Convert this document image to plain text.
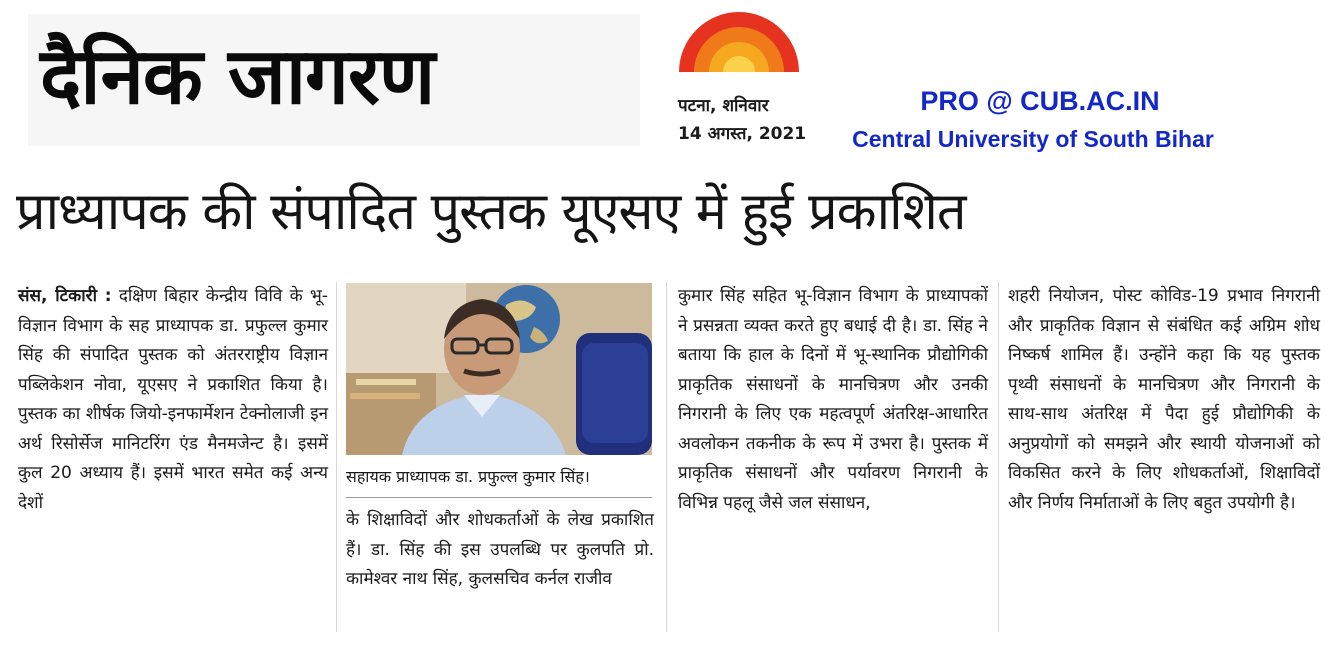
दैनिक जागरण	पटना, शनिवार
14 अगस्त, 2021
PRO @ CUB.AC.IN
Central University of South Bihar
प्राध्यापक की संपादित पुस्तक यूएसए में हुई प्रकाशित
संस, टिकारी : दक्षिण बिहार केन्द्रीय विवि के भू-विज्ञान विभाग के सह प्राध्यापक डा. प्रफुल्ल कुमार सिंह की संपादित पुस्तक को अंतरराष्ट्रीय विज्ञान पब्लिकेशन नोवा, यूएसए ने प्रकाशित किया है। पुस्तक का शीर्षक जियो-इनफार्मेशन टेक्नोलाजी इन अर्थ रिसोर्सेज मानिटरिंग एंड मैनमजेन्ट है। इसमें कुल 20 अध्याय हैं। इसमें भारत समेत कई अन्य देशों
सहायक प्राध्यापक डा. प्रफुल्ल कुमार सिंह।
के शिक्षाविदों और शोधकर्ताओं के लेख प्रकाशित हैं। डा. सिंह की इस उपलब्धि पर कुलपति प्रो. कामेश्वर नाथ सिंह, कुलसचिव कर्नल राजीव
कुमार सिंह सहित भू-विज्ञान विभाग के प्राध्यापकों ने प्रसन्नता व्यक्त करते हुए बधाई दी है। डा. सिंह ने बताया कि हाल के दिनों में भू-स्थानिक प्रौद्योगिकी प्राकृतिक संसाधनों के मानचित्रण और उनकी निगरानी के लिए एक महत्वपूर्ण अंतरिक्ष-आधारित अवलोकन तकनीक के रूप में उभरा है। पुस्तक में प्राकृतिक संसाधनों और पर्यावरण निगरानी के विभिन्न पहलू जैसे जल संसाधन,
शहरी नियोजन, पोस्ट कोविड-19 प्रभाव निगरानी और प्राकृतिक विज्ञान से संबंधित कई अग्रिम शोध निष्कर्ष शामिल हैं। उन्होंने कहा कि यह पुस्तक पृथ्वी संसाधनों के मानचित्रण और निगरानी के साथ-साथ अंतरिक्ष में पैदा हुई प्रौद्योगिकी के अनुप्रयोगों को समझने और स्थायी योजनाओं को विकसित करने के लिए शोधकर्ताओं, शिक्षाविदों और निर्णय निर्माताओं के लिए बहुत उपयोगी है।
